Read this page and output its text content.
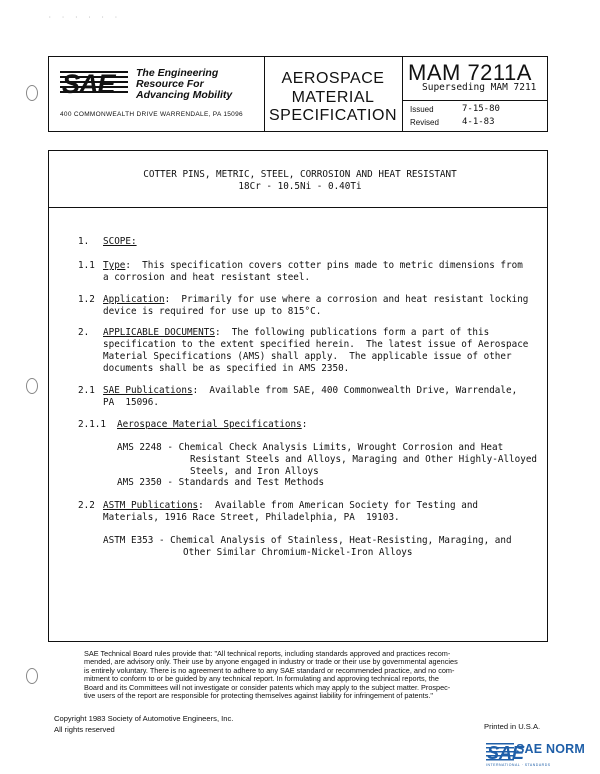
· · · · · ·
SAE The Engineering
Resource For
Advancing Mobility
400 COMMONWEALTH DRIVE WARRENDALE, PA 15096
AEROSPACE
MATERIAL
SPECIFICATION
MAM 7211A
Superseding MAM 7211
Issued	7-15-80
Revised	4-1-83
COTTER PINS, METRIC, STEEL, CORROSION AND HEAT RESISTANT
18Cr - 10.5Ni - 0.40Ti
1. SCOPE:
1.1 Type:  This specification covers cotter pins made to metric dimensions from
a corrosion and heat resistant steel.
1.2 Application:  Primarily for use where a corrosion and heat resistant locking
device is required for use up to 815°C.
2. APPLICABLE DOCUMENTS:  The following publications form a part of this
specification to the extent specified herein.  The latest issue of Aerospace
Material Specifications (AMS) shall apply.  The applicable issue of other
documents shall be as specified in AMS 2350.
2.1 SAE Publications:  Available from SAE, 400 Commonwealth Drive, Warrendale,
PA  15096.
2.1.1 Aerospace Material Specifications:
AMS 2248 - Chemical Check Analysis Limits, Wrought Corrosion and Heat
Resistant Steels and Alloys, Maraging and Other Highly-Alloyed
Steels, and Iron Alloys
AMS 2350 - Standards and Test Methods
2.2 ASTM Publications:  Available from American Society for Testing and
Materials, 1916 Race Street, Philadelphia, PA  19103.
ASTM E353 - Chemical Analysis of Stainless, Heat-Resisting, Maraging, and
Other Similar Chromium-Nickel-Iron Alloys
SAE Technical Board rules provide that: "All technical reports, including standards approved and practices recom-
mended, are advisory only. Their use by anyone engaged in industry or trade or their use by governmental agencies
is entirely voluntary. There is no agreement to adhere to any SAE standard or recommended practice, and no com-
mitment to conform to or be guided by any technical report. In formulating and approving technical reports, the
Board and its Committees will not investigate or consider patents which may apply to the subject matter. Prospec-
tive users of the report are responsible for protecting themselves against liability for infringement of patents."
Copyright 1983 Society of Automotive Engineers, Inc.
All rights reserved	Printed in U.S.A.
SAE
SAE NORM
INTERNATIONAL · STANDARDS
